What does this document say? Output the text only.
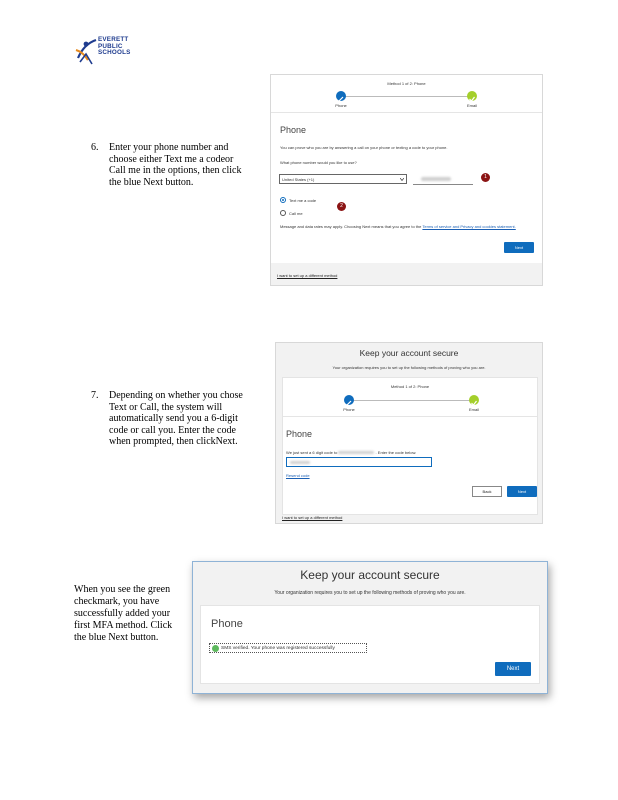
EVERETT
PUBLIC
SCHOOLS
6. Enter your phone number and choose either Text me a codeor Call me in the options, then click the blue Next button.
Method 1 of 2: Phone
Phone	Email
Phone
You can prove who you are by answering a call on your phone or texting a code to your phone.
What phone number would you like to use?
United States (+1)	1
Text me a code
Call me
2
Message and data rates may apply. Choosing Next means that you agree to the Terms of service and Privacy and cookies statement.
Next
I want to set up a different method
7. Depending on whether you chose Text or Call, the system will automatically send you a 6-digit code or call you. Enter the code when prompted, then clickNext.
Keep your account secure
Your organization requires you to set up the following methods of proving who you are.
Method 1 of 2: Phone
Phone	Email
Phone
We just sent a 6 digit code to	. Enter the code below.
Resend code
Back	Next
I want to set up a different method
When you see the green checkmark, you have successfully added your first MFA method. Click the blue Next button.
Keep your account secure
Your organization requires you to set up the following methods of proving who you are.
Phone
SMS verified. Your phone was registered successfully
Next
